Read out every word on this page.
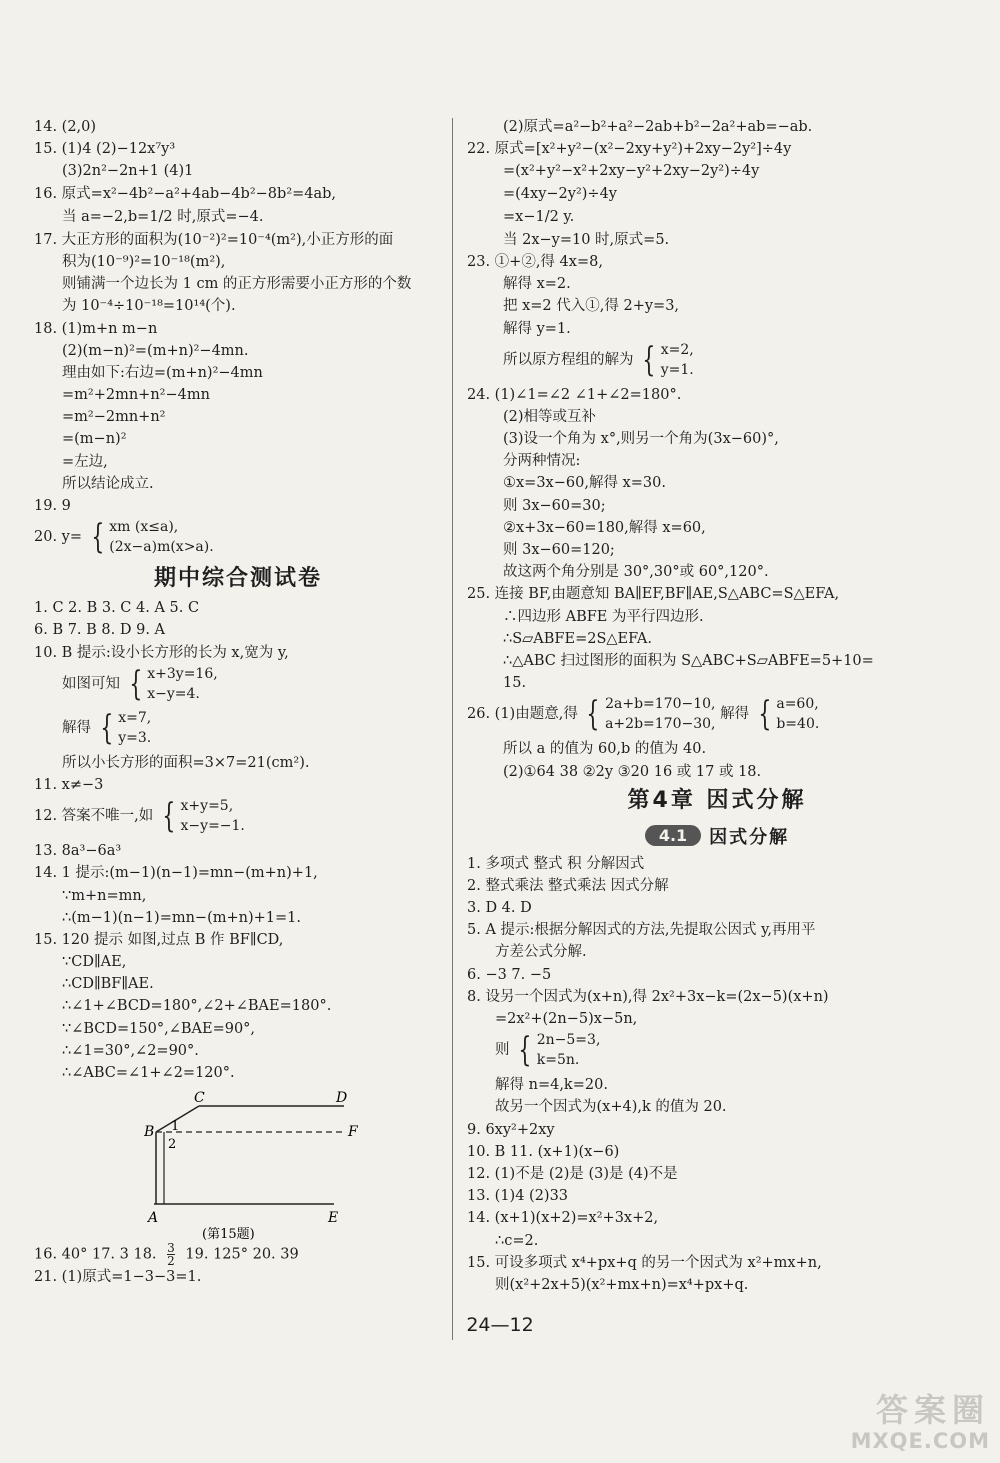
14. (2,0)
15. (1)4 (2)−12x⁷y³
(3)2n²−2n+1 (4)1
16. 原式=x²−4b²−a²+4ab−4b²−8b²=4ab,
当 a=−2,b=1/2 时,原式=−4.
17. 大正方形的面积为(10⁻²)²=10⁻⁴(m²),小正方形的面
积为(10⁻⁹)²=10⁻¹⁸(m²),
则铺满一个边长为 1 cm 的正方形需要小正方形的个数
为 10⁻⁴÷10⁻¹⁸=10¹⁴(个).
18. (1)m+n m−n
(2)(m−n)²=(m+n)²−4mn.
理由如下:右边=(m+n)²−4mn
=m²+2mn+n²−4mn
=m²−2mn+n²
=(m−n)²
=左边,
所以结论成立.
19. 9
20. y= { xm (x≤a),
(2x−a)m(x>a).
期中综合测试卷
1. C 2. B 3. C 4. A 5. C
6. B 7. B 8. D 9. A
10. B 提示:设小长方形的长为 x,宽为 y,
如图可知 { x+3y=16,
x−y=4.
解得 { x=7,
y=3.
所以小长方形的面积=3×7=21(cm²).
11. x≠−3
12. 答案不唯一,如 { x+y=5,
x−y=−1.
13. 8a³−6a³
14. 1 提示:(m−1)(n−1)=mn−(m+n)+1,
∵m+n=mn,
∴(m−1)(n−1)=mn−(m+n)+1=1.
15. 120 提示 如图,过点 B 作 BF∥CD,
∵CD∥AE,
∴CD∥BF∥AE.
∴∠1+∠BCD=180°,∠2+∠BAE=180°.
∵∠BCD=150°,∠BAE=90°,
∴∠1=30°,∠2=90°.
∴∠ABC=∠1+∠2=120°.
B
C	D
F
1
2
A	E
(第15题)
16. 40° 17. 3 18. $\frac{3}{2} 19$. 125° 20. 39
21. (1)原式=1−3−3=1.
(2)原式=a²−b²+a²−2ab+b²−2a²+ab=−ab.
22. 原式=[x²+y²−(x²−2xy+y²)+2xy−2y²]÷4y
=(x²+y²−x²+2xy−y²+2xy−2y²)÷4y
=(4xy−2y²)÷4y
=x−1/2 y.
当 2x−y=10 时,原式=5.
23. ①+②,得 4x=8,
解得 x=2.
把 x=2 代入①,得 2+y=3,
解得 y=1.
所以原方程组的解为 { x=2,
y=1.
24. (1)∠1=∠2 ∠1+∠2=180°.
(2)相等或互补
(3)设一个角为 x°,则另一个角为(3x−60)°,
分两种情况:
①x=3x−60,解得 x=30.
则 3x−60=30;
②x+3x−60=180,解得 x=60,
则 3x−60=120;
故这两个角分别是 30°,30°或 60°,120°.
25. 连接 BF,由题意知 BA∥EF,BF∥AE,S△ABC=S△EFA,
∴四边形 ABFE 为平行四边形.
∴S▱ABFE=2S△EFA.
∴△ABC 扫过图形的面积为 S△ABC+S▱ABFE=5+10=
15.
26. (1)由题意,得 { 2a+b=170−10,
a+2b=170−30,
解得 { a=60,
b=40.
所以 a 的值为 60,b 的值为 40.
(2)①64 38 ②2y ③20 16 或 17 或 18.
第4章 因式分解
4.1	因式分解
1. 多项式 整式 积 分解因式
2. 整式乘法 整式乘法 因式分解
3. D 4. D
5. A 提示:根据分解因式的方法,先提取公因式 y,再用平
方差公式分解.
6. −3 7. −5
8. 设另一个因式为(x+n),得 2x²+3x−k=(2x−5)(x+n)
=2x²+(2n−5)x−5n,
则 { 2n−5=3,
k=5n.
解得 n=4,k=20.
故另一个因式为(x+4),k 的值为 20.
9. 6xy²+2xy
10. B 11. (x+1)(x−6)
12. (1)不是 (2)是 (3)是 (4)不是
13. (1)4 (2)33
14. (x+1)(x+2)=x²+3x+2,
∴c=2.
15. 可设多项式 x⁴+px+q 的另一个因式为 x²+mx+n,
则(x²+2x+5)(x²+mx+n)=x⁴+px+q.
24—12
答案圈
MXQE.COM
